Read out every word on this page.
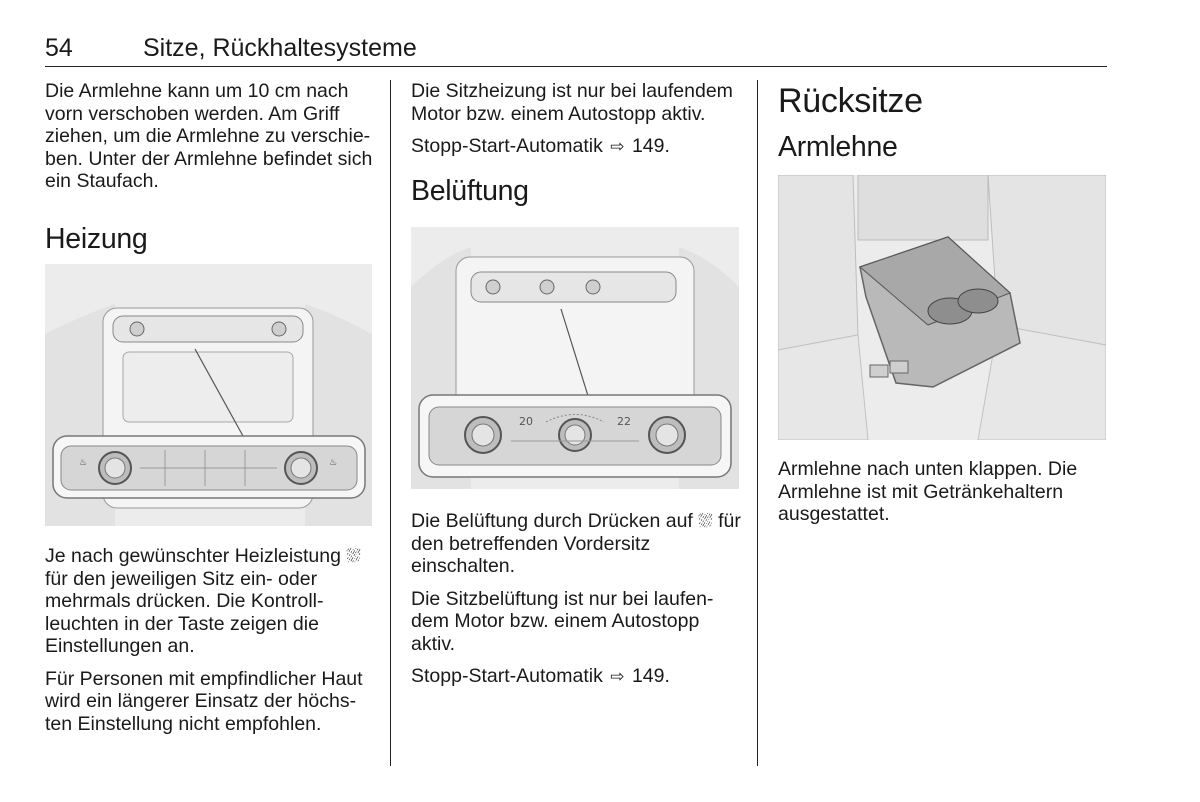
54	Sitze, Rückhaltesysteme

Die Armlehne kann um 10 cm nach vorn verschoben werden. Am Griff ziehen, um die Armlehne zu verschie-ben. Unter der Armlehne befindet sich ein Staufach.

Heizung
♨	♨

Je nach gewünschter Heizleistung ⛆ für den jeweiligen Sitz ein- oder mehrmals drücken. Die Kontroll-leuchten in der Taste zeigen die Einstellungen an.

Für Personen mit empfindlicher Haut wird ein längerer Einsatz der höchs-ten Einstellung nicht empfohlen.

Die Sitzheizung ist nur bei laufendem Motor bzw. einem Autostopp aktiv.

Stopp-Start-Automatik ⇨ 149.

Belüftung
20	22

Die Belüftung durch Drücken auf ⛆ für den betreffenden Vordersitz einschalten.

Die Sitzbelüftung ist nur bei laufen-dem Motor bzw. einem Autostopp aktiv.

Stopp-Start-Automatik ⇨ 149.

Rücksitze
Armlehne

Armlehne nach unten klappen. Die Armlehne ist mit Getränkehaltern ausgestattet.
